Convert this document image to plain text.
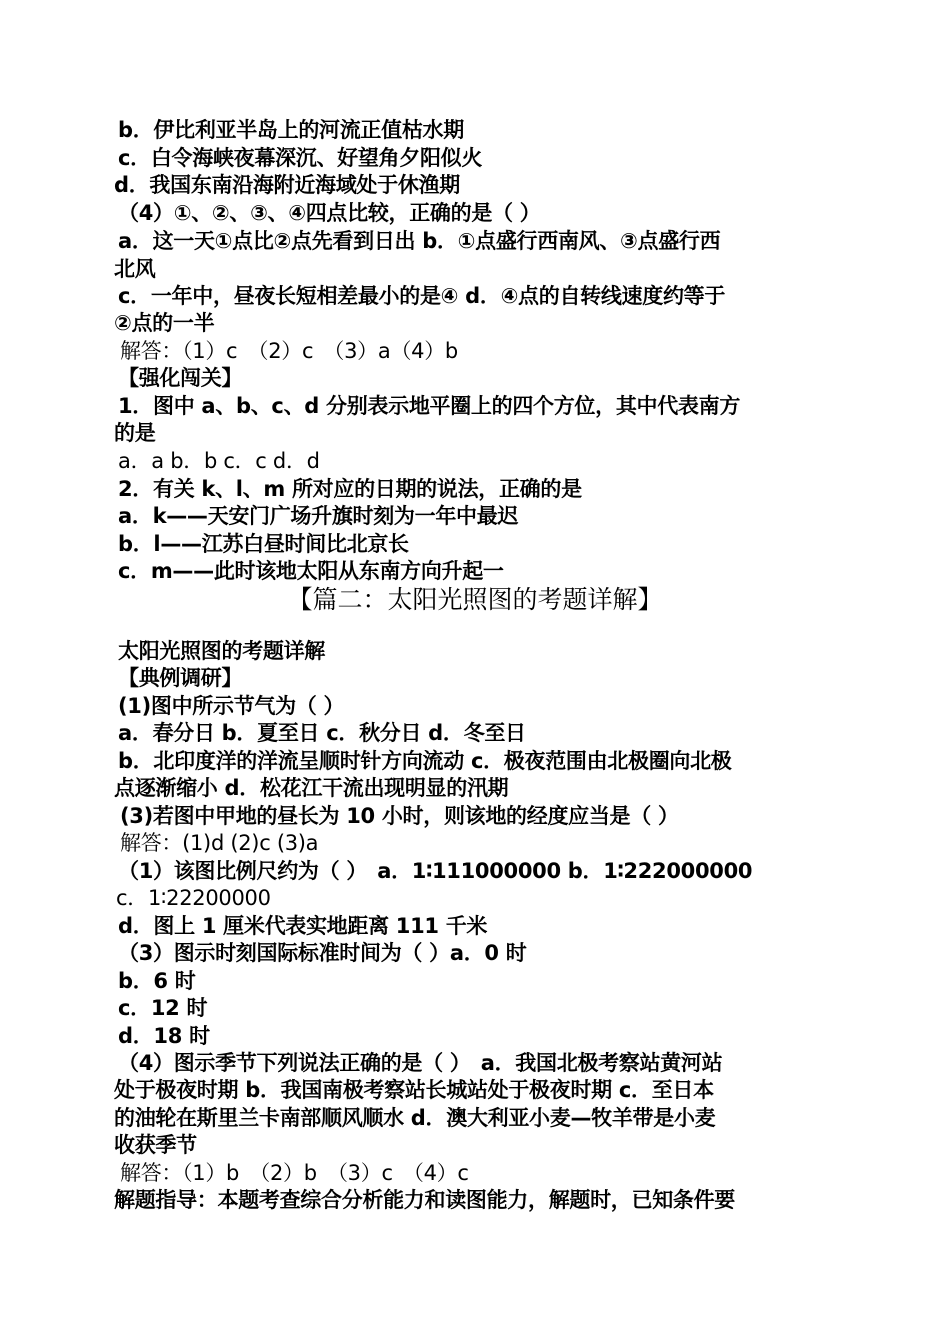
b．伊比利亚半岛上的河流正值枯水期
c．白令海峡夜幕深沉、好望角夕阳似火
d．我国东南沿海附近海域处于休渔期
（4）①、②、③、④四点比较，正确的是（ ）
a．这一天①点比②点先看到日出 b．①点盛行西南风、③点盛行西
北风
c．一年中，昼夜长短相差最小的是④ d．④点的自转线速度约等于
②点的一半
解答：（1）c　（2）c　（3）a（4）b
【强化闯关】
1．图中 a、b、c、d 分别表示地平圈上的四个方位，其中代表南方
的是
a．a b．b c．c d．d
2．有关 k、l、m 所对应的日期的说法，正确的是
a．k——天安门广场升旗时刻为一年中最迟
b．l——江苏白昼时间比北京长
c．m——此时该地太阳从东南方向升起一
【篇二：太阳光照图的考题详解】
太阳光照图的考题详解
【典例调研】
(1)图中所示节气为（ ）
a．春分日 b．夏至日 c．秋分日 d．冬至日
b．北印度洋的洋流呈顺时针方向流动 c．极夜范围由北极圈向北极
点逐渐缩小 d．松花江干流出现明显的汛期
(3)若图中甲地的昼长为 10 小时，则该地的经度应当是（ ）
解答：(1)d (2)c (3)a
（1）该图比例尺约为（ ）　a．1∶111000000 b．1∶222000000
c．1∶22200000
d．图上 1 厘米代表实地距离 111 千米
（3）图示时刻国际标准时间为（ ）a．0 时
b．6 时
c．12 时
d．18 时
（4）图示季节下列说法正确的是（ ）　a．我国北极考察站黄河站
处于极夜时期 b．我国南极考察站长城站处于极夜时期 c．至日本
的油轮在斯里兰卡南部顺风顺水 d．澳大利亚小麦—牧羊带是小麦
收获季节
解答：（1）b　（2）b　（3）c　（4）c
解题指导：本题考查综合分析能力和读图能力，解题时，已知条件要
